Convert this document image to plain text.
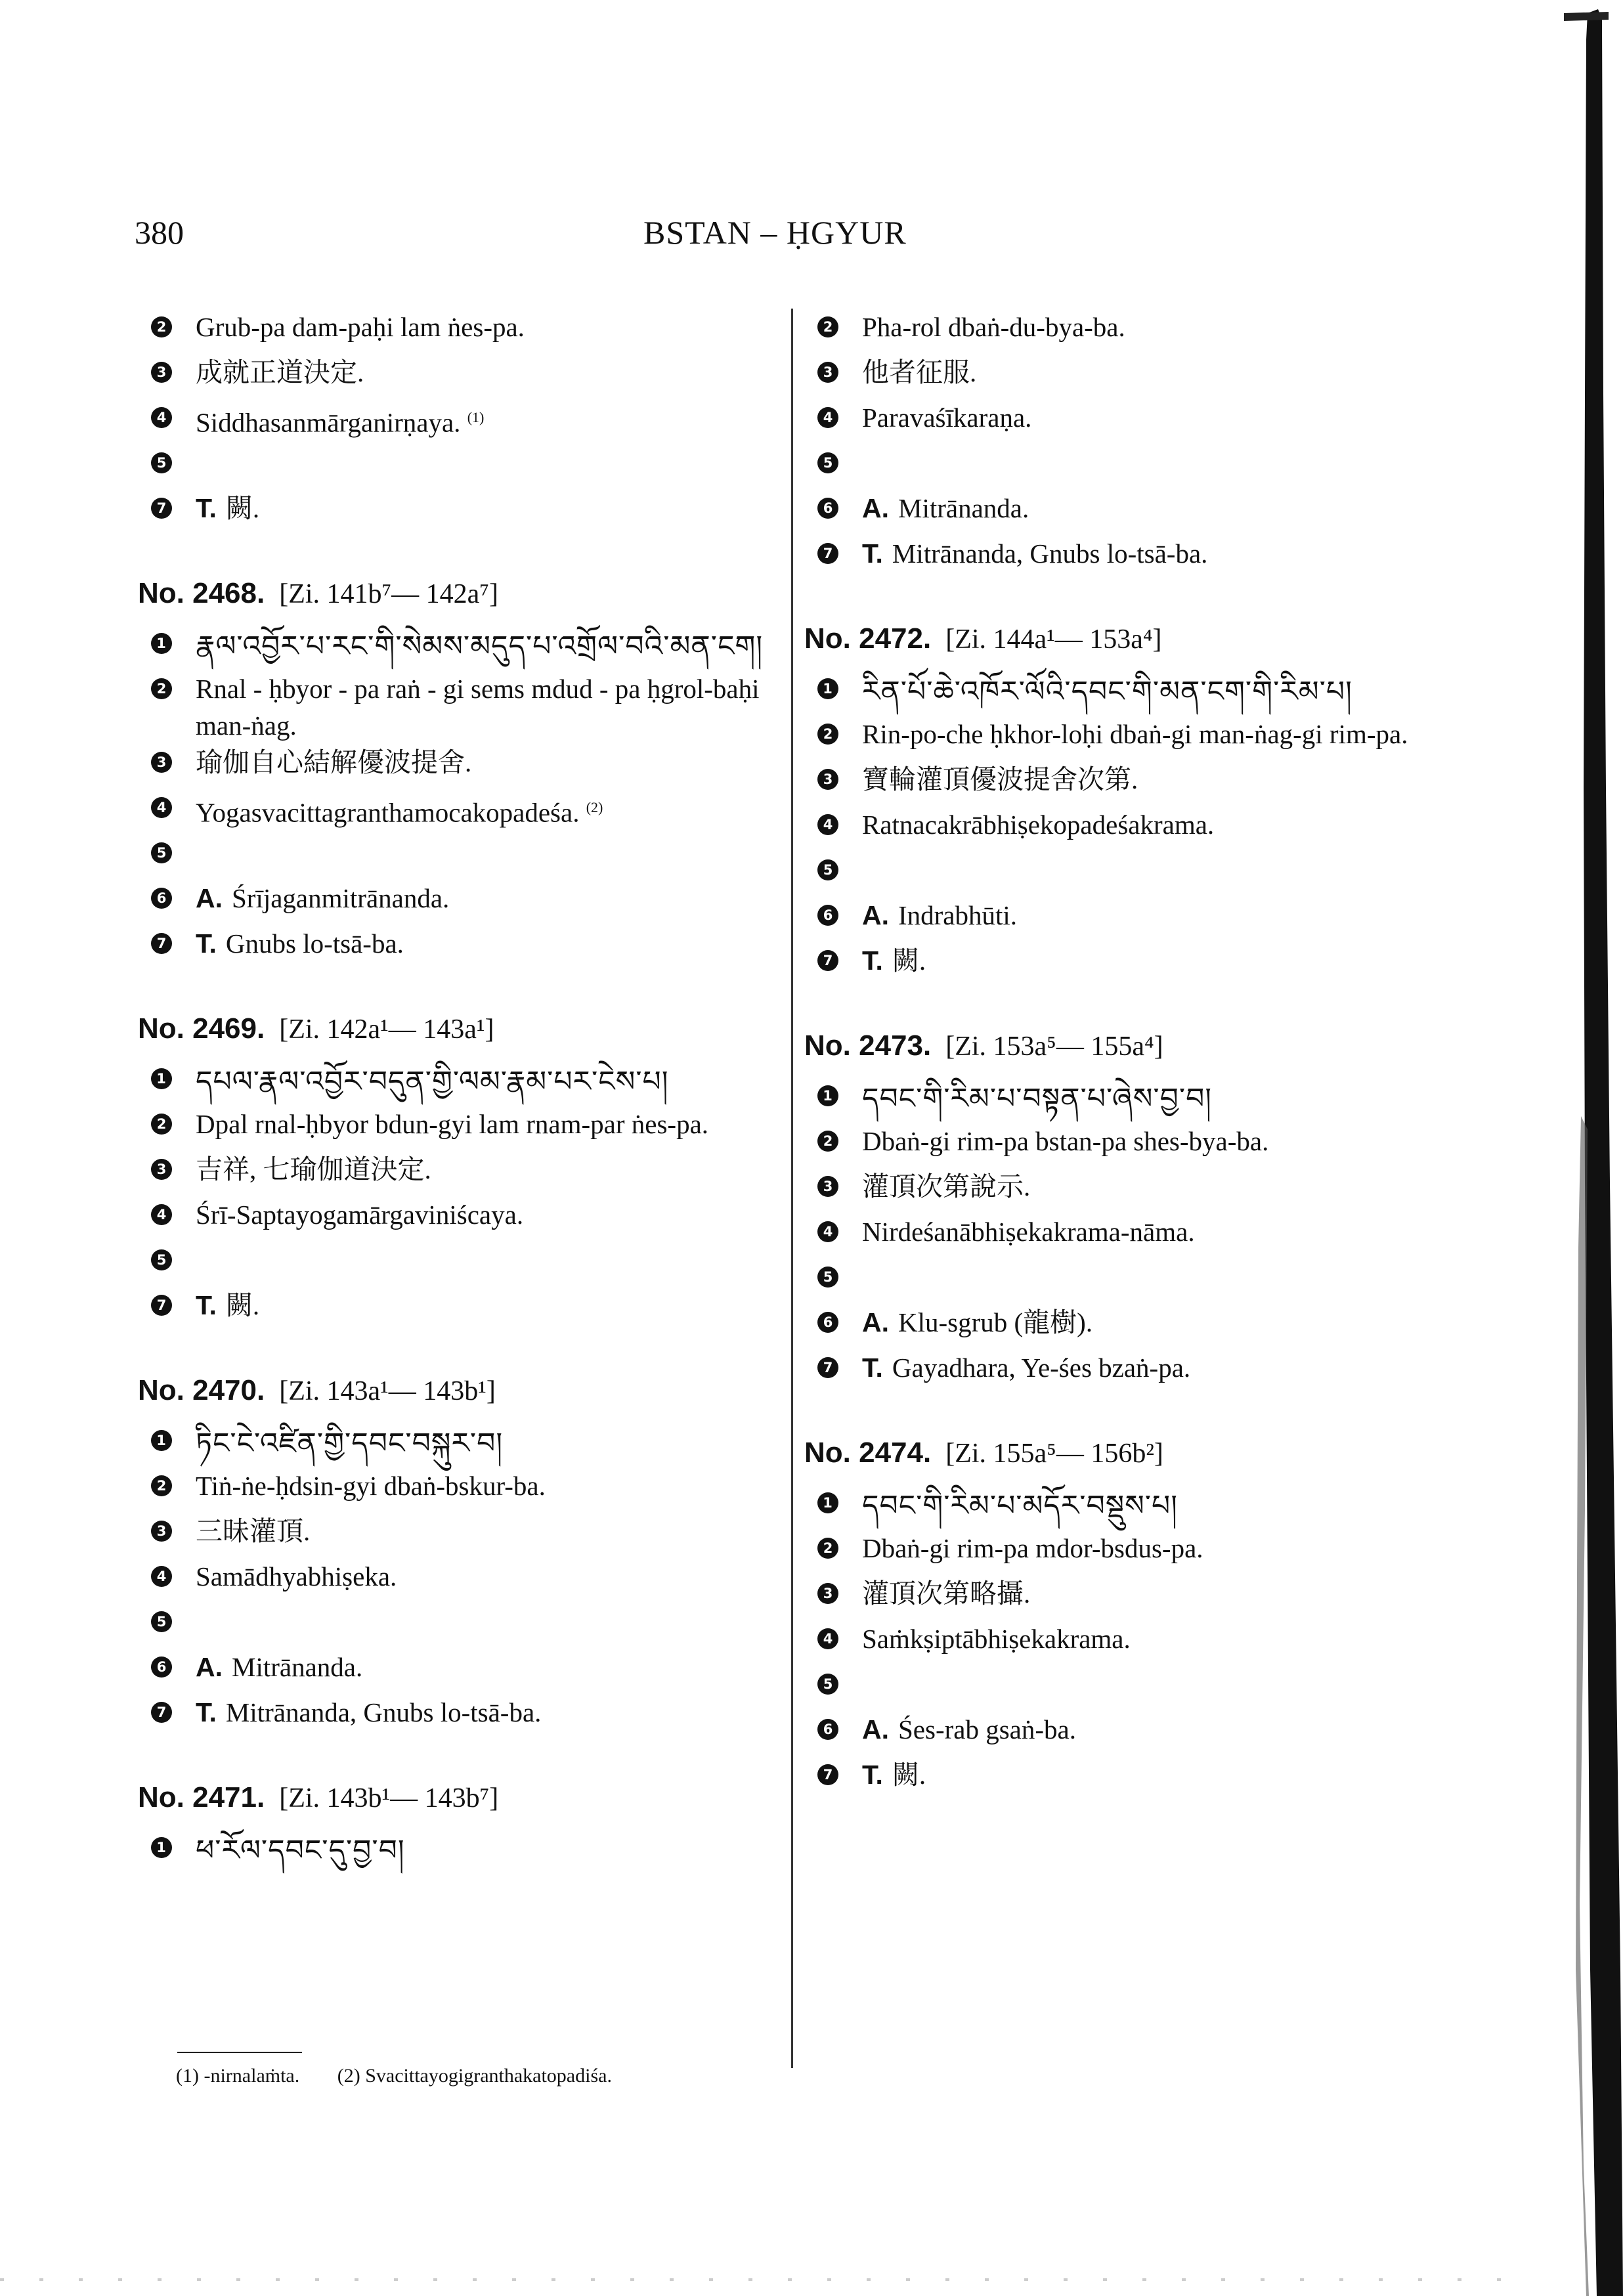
380	BSTAN – ḤGYUR
2 Grub-pa dam-paḥi lam ṅes-pa.
3 成就正道決定.
4 Siddhasanmārganirṇaya. $^{(1)}$
5
7 T. 闕.
No. 2468. [Zi. 141b⁷— 142a⁷]
1 རྣལ་འབྱོར་པ་རང་གི་སེམས་མདུད་པ་འགྲོལ་བའི་མན་ངག།
2 Rnal - ḥbyor - pa raṅ - gi sems mdud - pa ḥgrol-baḥi man-ṅag.
3 瑜伽自心結解優波提舍.
4 Yogasvacittagranthamocakopadeśa. $^{(2)}$
5
6 A. Śrījaganmitrānanda.
7 T. Gnubs lo-tsā-ba.
No. 2469. [Zi. 142a¹— 143a¹]
1 དཔལ་རྣལ་འབྱོར་བདུན་གྱི་ལམ་རྣམ་པར་ངེས་པ།
2 Dpal rnal-ḥbyor bdun-gyi lam rnam-par ṅes-pa.
3 吉祥, 七瑜伽道決定.
4 Śrī-Saptayogamārgaviniścaya.
5
7 T. 闕.
No. 2470. [Zi. 143a¹— 143b¹]
1 ཏིང་ངེ་འཛིན་གྱི་དབང་བསྐུར་བ།
2 Tiṅ-ṅe-ḥdsin-gyi dbaṅ-bskur-ba.
3 三昧灌頂.
4 Samādhyabhiṣeka.
5
6 A. Mitrānanda.
7 T. Mitrānanda, Gnubs lo-tsā-ba.
No. 2471. [Zi. 143b¹— 143b⁷]
1 ཕ་རོལ་དབང་དུ་བྱ་བ།
2 Pha-rol dbaṅ-du-bya-ba.
3 他者征服.
4 Paravaśīkaraṇa.
5
6 A. Mitrānanda.
7 T. Mitrānanda, Gnubs lo-tsā-ba.
No. 2472. [Zi. 144a¹— 153a⁴]
1 རིན་པོ་ཆེ་འཁོར་ལོའི་དབང་གི་མན་ངག་གི་རིམ་པ།
2 Rin-po-che ḥkhor-loḥi dbaṅ-gi man-ṅag-gi rim-pa.
3 寶輪灌頂優波提舍次第.
4 Ratnacakrābhiṣekopadeśakrama.
5
6 A. Indrabhūti.
7 T. 闕.
No. 2473. [Zi. 153a⁵— 155a⁴]
1 དབང་གི་རིམ་པ་བསྟན་པ་ཞེས་བྱ་བ།
2 Dbaṅ-gi rim-pa bstan-pa shes-bya-ba.
3 灌頂次第說示.
4 Nirdeśanābhiṣekakrama-nāma.
5
6 A. Klu-sgrub (龍樹).
7 T. Gayadhara, Ye-śes bzaṅ-pa.
No. 2474. [Zi. 155a⁵— 156b²]
1 དབང་གི་རིམ་པ་མདོར་བསྡུས་པ།
2 Dbaṅ-gi rim-pa mdor-bsdus-pa.
3 灌頂次第略攝.
4 Saṁkṣiptābhiṣekakrama.
5
6 A. Śes-rab gsaṅ-ba.
7 T. 闕.
(1) -nirnalaṁta. (2) Svacittayogigranthakatopadiśa.
